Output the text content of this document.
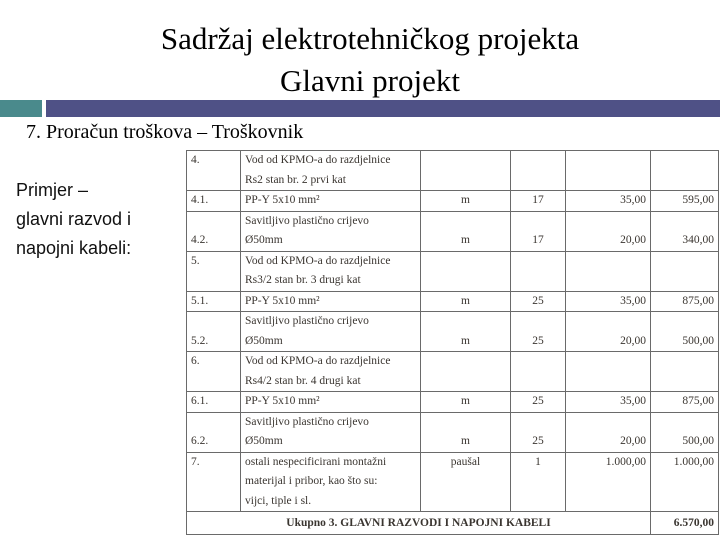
Sadržaj elektrotehničkog projekta
Glavni projekt
7. Proračun troškova – Troškovnik
Primjer –
glavni razvod i
napojni kabeli:
4.	Vod od KPMO-a do razdjelnice
Rs2 stan br. 2 prvi kat				

4.1.	PP-Y 5x10 mm²	m	17	35,00	595,00
4.2.	Savitljivo plastično crijevo
Ø50mm	m	17	20,00	340,00
5.	Vod od KPMO-a do razdjelnice
Rs3/2 stan br. 3 drugi kat				

5.1.	PP-Y 5x10 mm²	m	25	35,00	875,00
5.2.	Savitljivo plastično crijevo
Ø50mm	m	25	20,00	500,00
6.	Vod od KPMO-a do razdjelnice
Rs4/2 stan br. 4 drugi kat				

6.1.	PP-Y 5x10 mm²	m	25	35,00	875,00
6.2.	Savitljivo plastično crijevo
Ø50mm	m	25	20,00	500,00
7.	ostali nespecificirani montažni
materijal i pribor, kao što su:
vijci, tiple i sl.	paušal	1	1.000,00	1.000,00
Ukupno 3. GLAVNI RAZVODI I NAPOJNI KABELI					6.570,00
